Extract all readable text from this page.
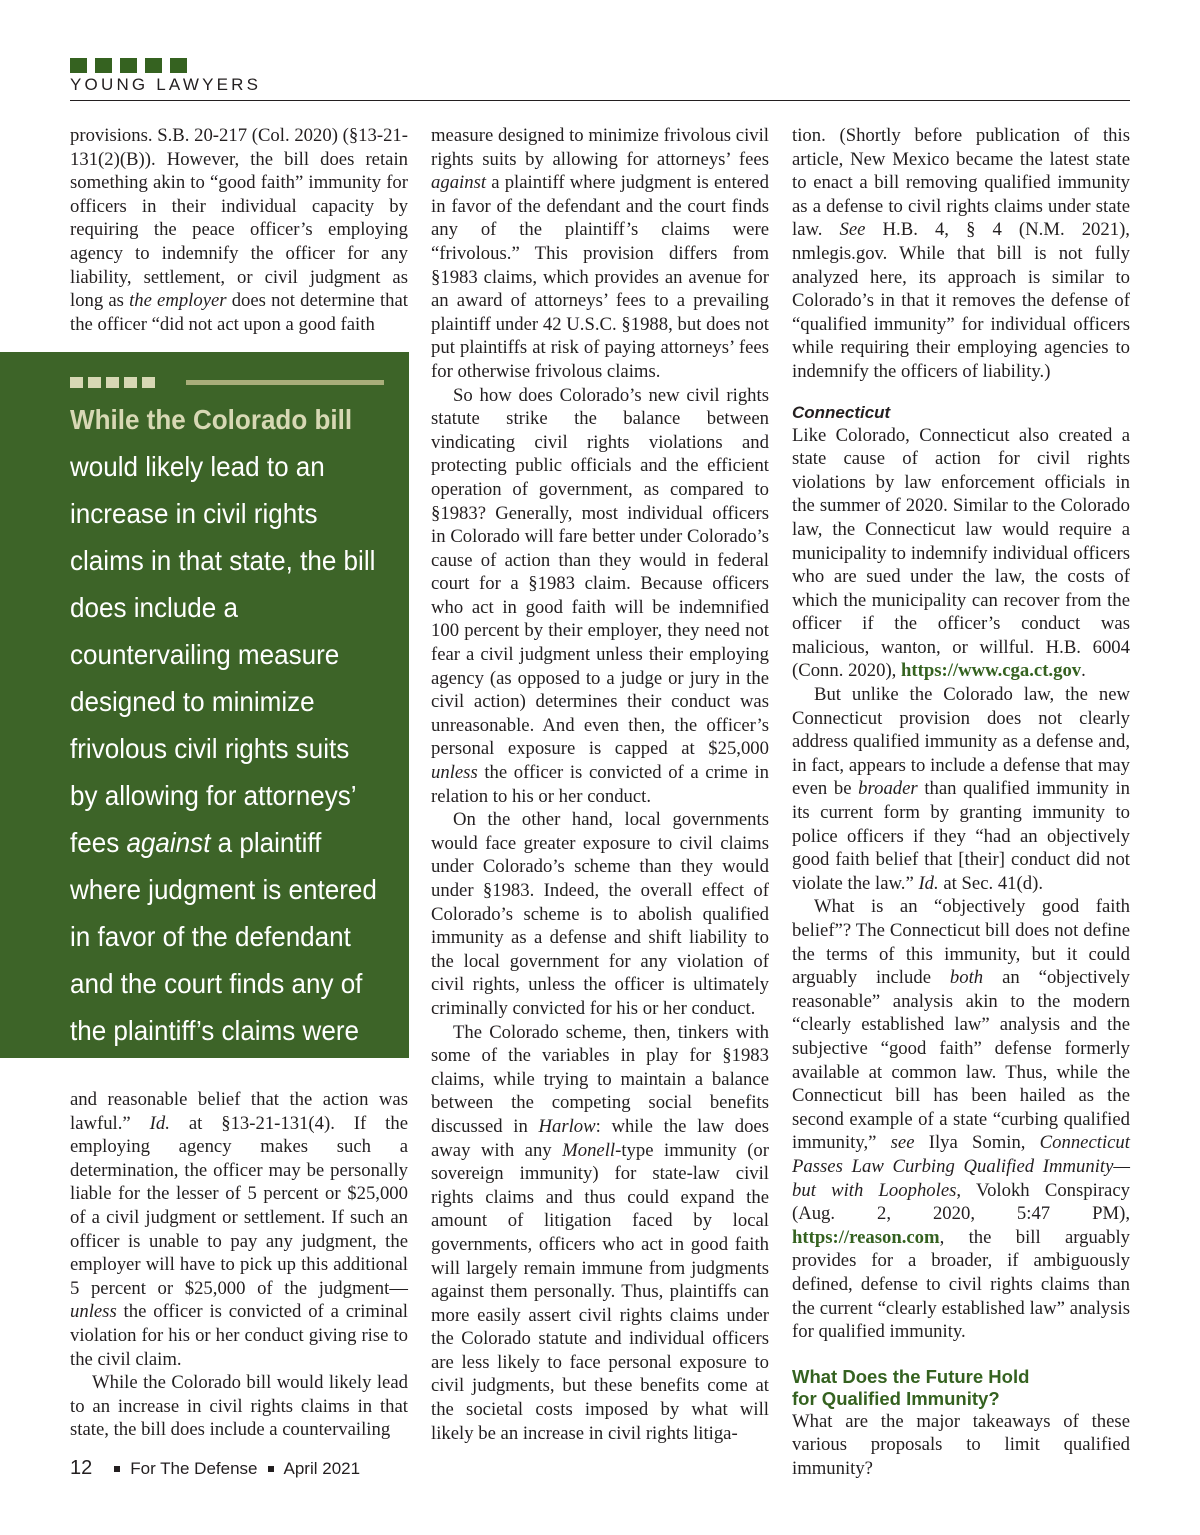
YOUNG LAWYERS

provisions. S.B. 20-217 (Col. 2020) (§13-21-131(2)(B)). However, the bill does retain something akin to “good faith” immunity for officers in their individual capacity by requiring the peace officer’s employing agency to indemnify the officer for any liability, settlement, or civil judgment as long as the employer does not determine that the officer “did not act upon a good faith

While the Colorado bill would likely lead to an increase in civil rights claims in that state, the bill does include a countervailing measure designed to minimize frivolous civil rights suits by allowing for attorneys’ fees against a plaintiff where judgment is entered in favor of the defendant and the court finds any of the plaintiff’s claims were “frivolous.”

and reasonable belief that the action was lawful.” Id. at §13-21-131(4). If the employing agency makes such a determination, the officer may be personally liable for the lesser of 5 percent or $25,000 of a civil judgment or settlement. If such an officer is unable to pay any judgment, the employer will have to pick up this additional 5 percent or $25,000 of the judgment—unless the officer is convicted of a criminal violation for his or her conduct giving rise to the civil claim.

While the Colorado bill would likely lead to an increase in civil rights claims in that state, the bill does include a countervailing

measure designed to minimize frivolous civil rights suits by allowing for attorneys’ fees against a plaintiff where judgment is entered in favor of the defendant and the court finds any of the plaintiff’s claims were “frivolous.” This provision differs from §1983 claims, which provides an avenue for an award of attorneys’ fees to a prevailing plaintiff under 42 U.S.C. §1988, but does not put plaintiffs at risk of paying attorneys’ fees for otherwise frivolous claims.

So how does Colorado’s new civil rights statute strike the balance between vindicating civil rights violations and protecting public officials and the efficient operation of government, as compared to §1983? Generally, most individual officers in Colorado will fare better under Colorado’s cause of action than they would in federal court for a §1983 claim. Because officers who act in good faith will be indemnified 100 percent by their employer, they need not fear a civil judgment unless their employing agency (as opposed to a judge or jury in the civil action) determines their conduct was unreasonable. And even then, the officer’s personal exposure is capped at $25,000 unless the officer is convicted of a crime in relation to his or her conduct.

On the other hand, local governments would face greater exposure to civil claims under Colorado’s scheme than they would under §1983. Indeed, the overall effect of Colorado’s scheme is to abolish qualified immunity as a defense and shift liability to the local government for any violation of civil rights, unless the officer is ultimately criminally convicted for his or her conduct.

The Colorado scheme, then, tinkers with some of the variables in play for §1983 claims, while trying to maintain a balance between the competing social benefits discussed in Harlow: while the law does away with any Monell-type immunity (or sovereign immunity) for state-law civil rights claims and thus could expand the amount of litigation faced by local governments, officers who act in good faith will largely remain immune from judgments against them personally. Thus, plaintiffs can more easily assert civil rights claims under the Colorado statute and individual officers are less likely to face personal exposure to civil judgments, but these benefits come at the societal costs imposed by what will likely be an increase in civil rights litiga-

tion. (Shortly before publication of this article, New Mexico became the latest state to enact a bill removing qualified immunity as a defense to civil rights claims under state law. See H.B. 4, § 4 (N.M. 2021), nmlegis.gov. While that bill is not fully analyzed here, its approach is similar to Colorado’s in that it removes the defense of “qualified immunity” for individual officers while requiring their employing agencies to indemnify the officers of liability.)

Connecticut

Like Colorado, Connecticut also created a state cause of action for civil rights violations by law enforcement officials in the summer of 2020. Similar to the Colorado law, the Connecticut law would require a municipality to indemnify individual officers who are sued under the law, the costs of which the municipality can recover from the officer if the officer’s conduct was malicious, wanton, or willful. H.B. 6004 (Conn. 2020), https://www.cga.ct.gov.

But unlike the Colorado law, the new Connecticut provision does not clearly address qualified immunity as a defense and, in fact, appears to include a defense that may even be broader than qualified immunity in its current form by granting immunity to police officers if they “had an objectively good faith belief that [their] conduct did not violate the law.” Id. at Sec. 41(d).

What is an “objectively good faith belief”? The Connecticut bill does not define the terms of this immunity, but it could arguably include both an “objectively reasonable” analysis akin to the modern “clearly established law” analysis and the subjective “good faith” defense formerly available at common law. Thus, while the Connecticut bill has been hailed as the second example of a state “curbing qualified immunity,” see Ilya Somin, Connecticut Passes Law Curbing Qualified Immunity—but with Loopholes, Volokh Conspiracy (Aug. 2, 2020, 5:47 PM), https://reason.com, the bill arguably provides for a broader, if ambiguously defined, defense to civil rights claims than the current “clearly established law” analysis for qualified immunity.

What Does the Future Hold
for Qualified Immunity?

What are the major takeaways of these various proposals to limit qualified immunity?

12 For The Defense April 2021
